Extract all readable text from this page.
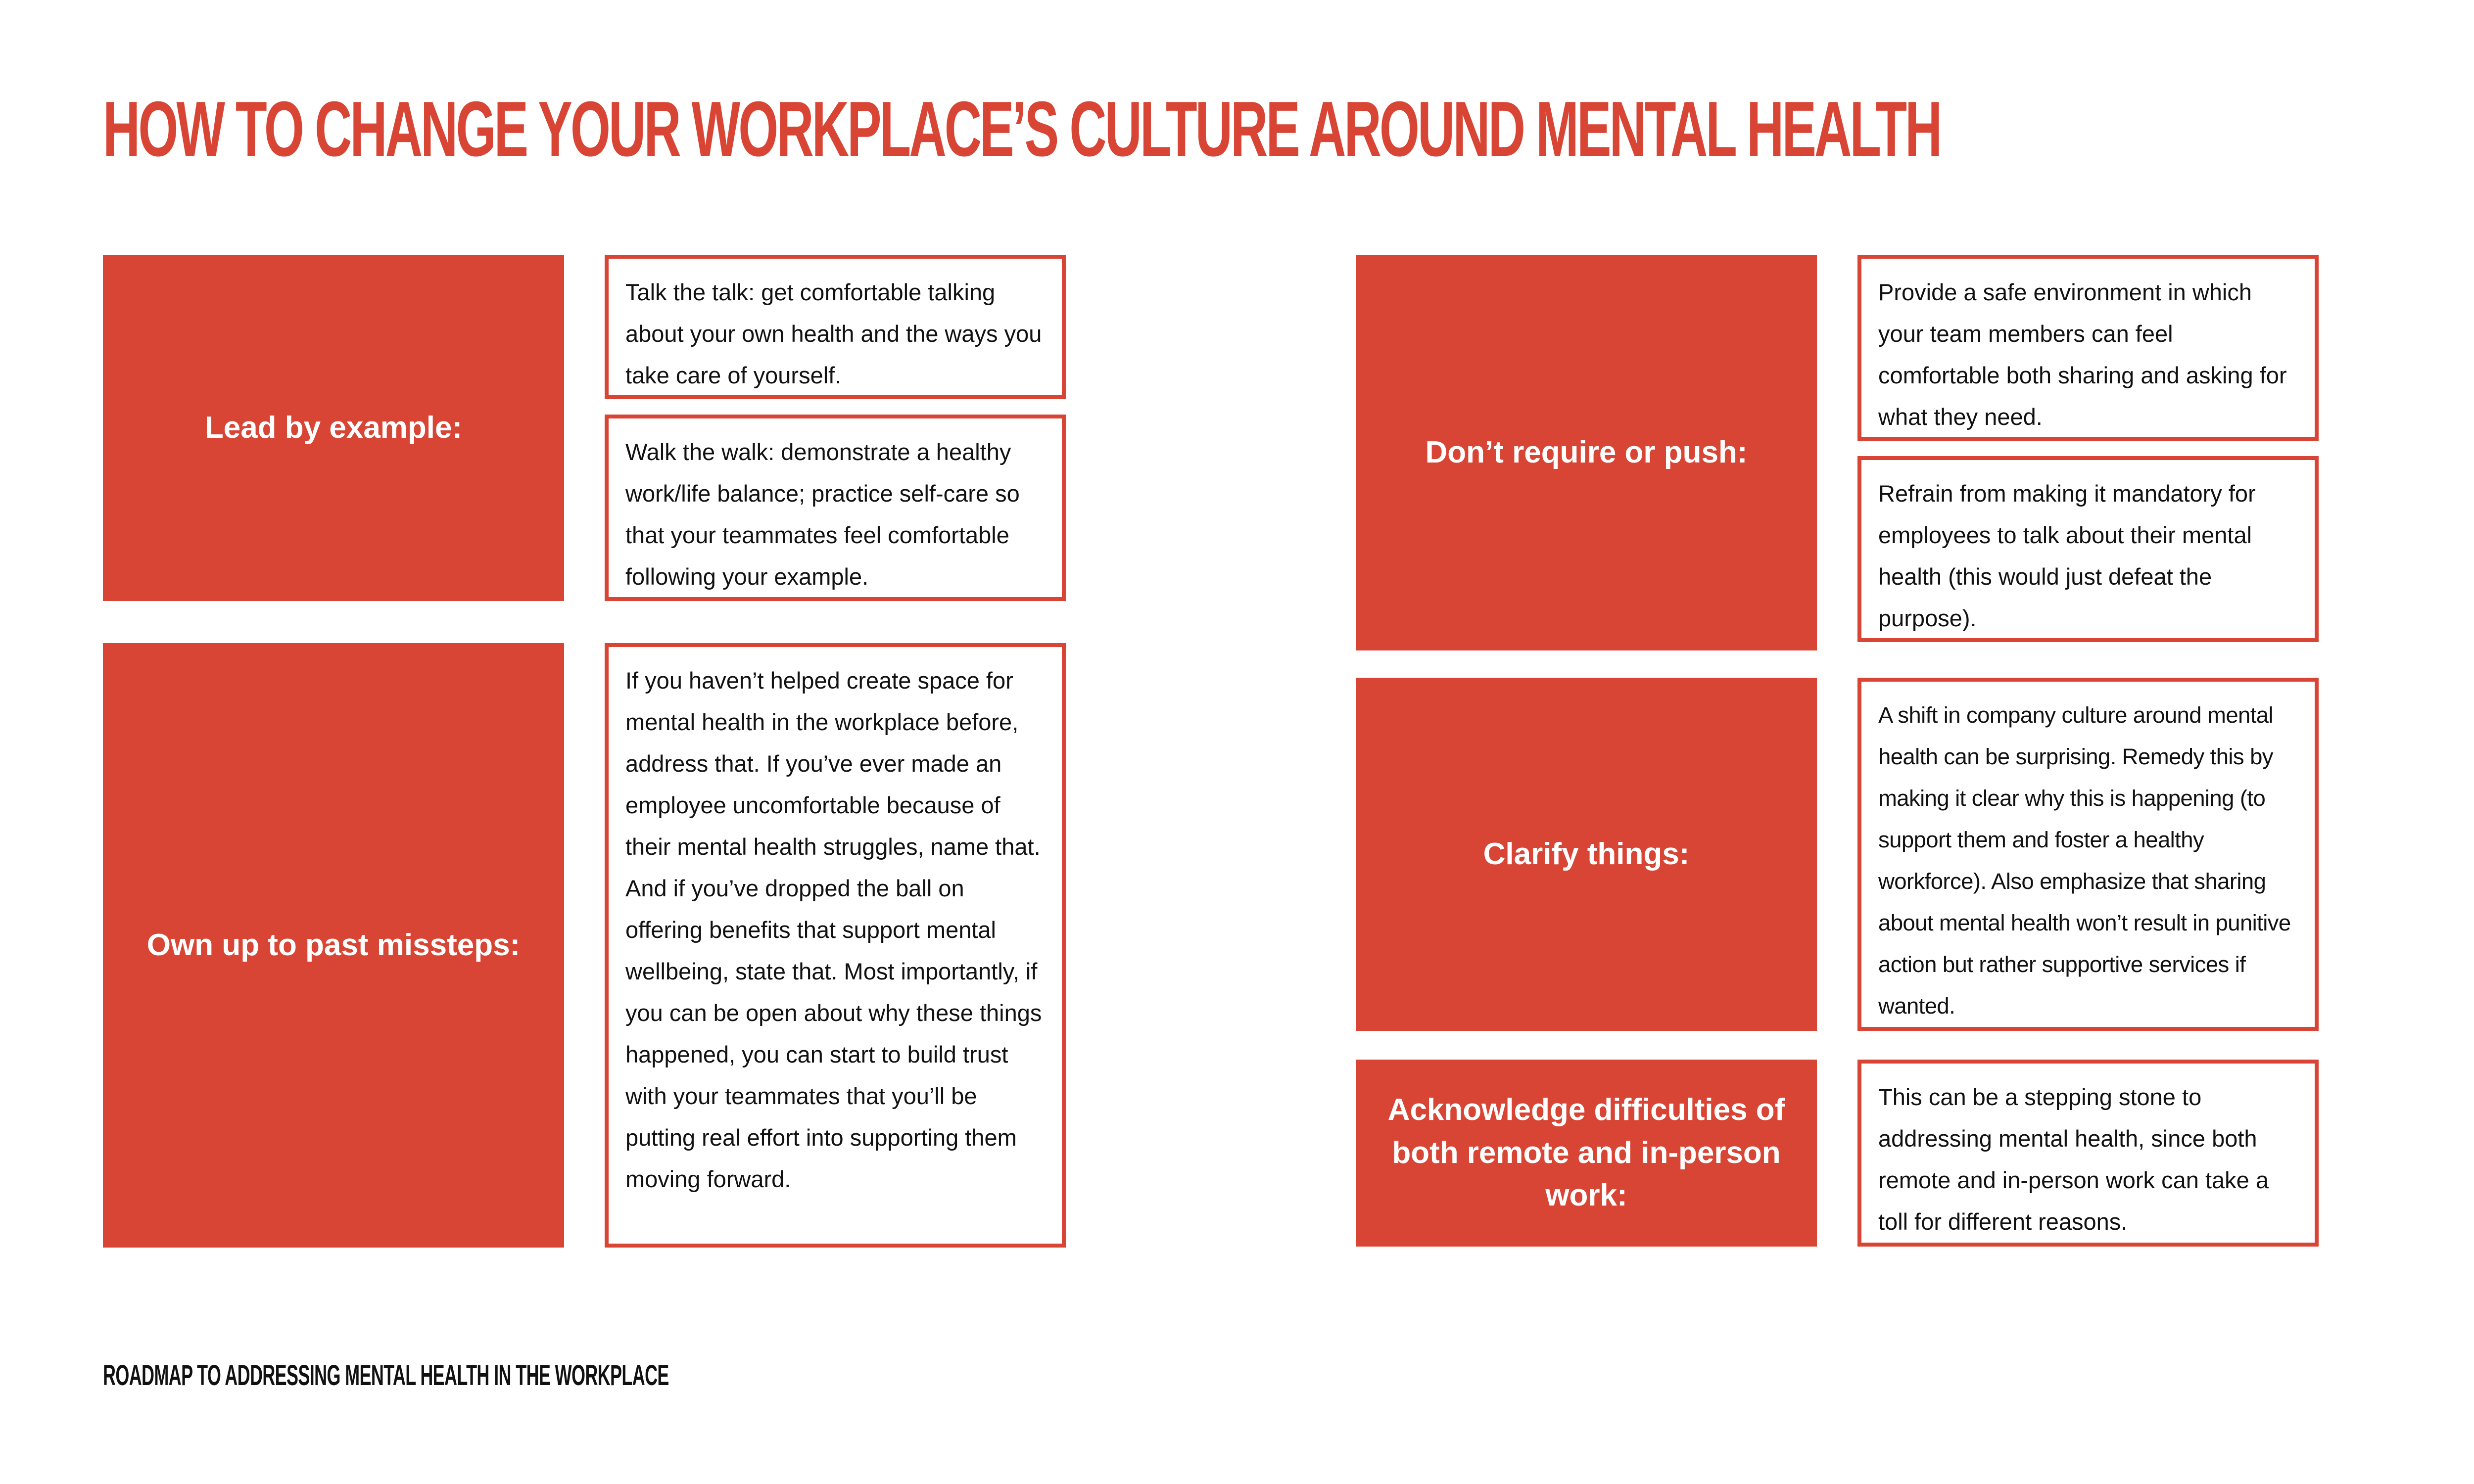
HOW TO CHANGE YOUR WORKPLACE’S CULTURE AROUND MENTAL HEALTH
Lead by example:
Talk the talk: get comfortable talking about your own health and the ways you take care of yourself.
Walk the walk: demonstrate a healthy work/life balance; practice self-care so that your teammates feel comfortable following your example.
Own up to past missteps:
If you haven’t helped create space for mental health in the workplace before, address that. If you’ve ever made an employee uncomfortable because of their mental health struggles, name that. And if you’ve dropped the ball on offering benefits that support mental wellbeing, state that. Most importantly, if you can be open about why these things happened, you can start to build trust with your teammates that you’ll be putting real effort into supporting them moving forward.
Don’t require or push:
Provide a safe environment in which your team members can feel comfortable both sharing and asking for what they need.
Refrain from making it mandatory for employees to talk about their mental health (this would just defeat the purpose).
Clarify things:
A shift in company culture around mental health can be surprising. Remedy this by making it clear why this is happening (to support them and foster a healthy workforce). Also emphasize that sharing about mental health won’t result in punitive action but rather supportive services if wanted.
Acknowledge difficulties of both remote and in-person work:
This can be a stepping stone to addressing mental health, since both remote and in-person work can take a toll for different reasons.
ROADMAP TO ADDRESSING MENTAL HEALTH IN THE WORKPLACE
